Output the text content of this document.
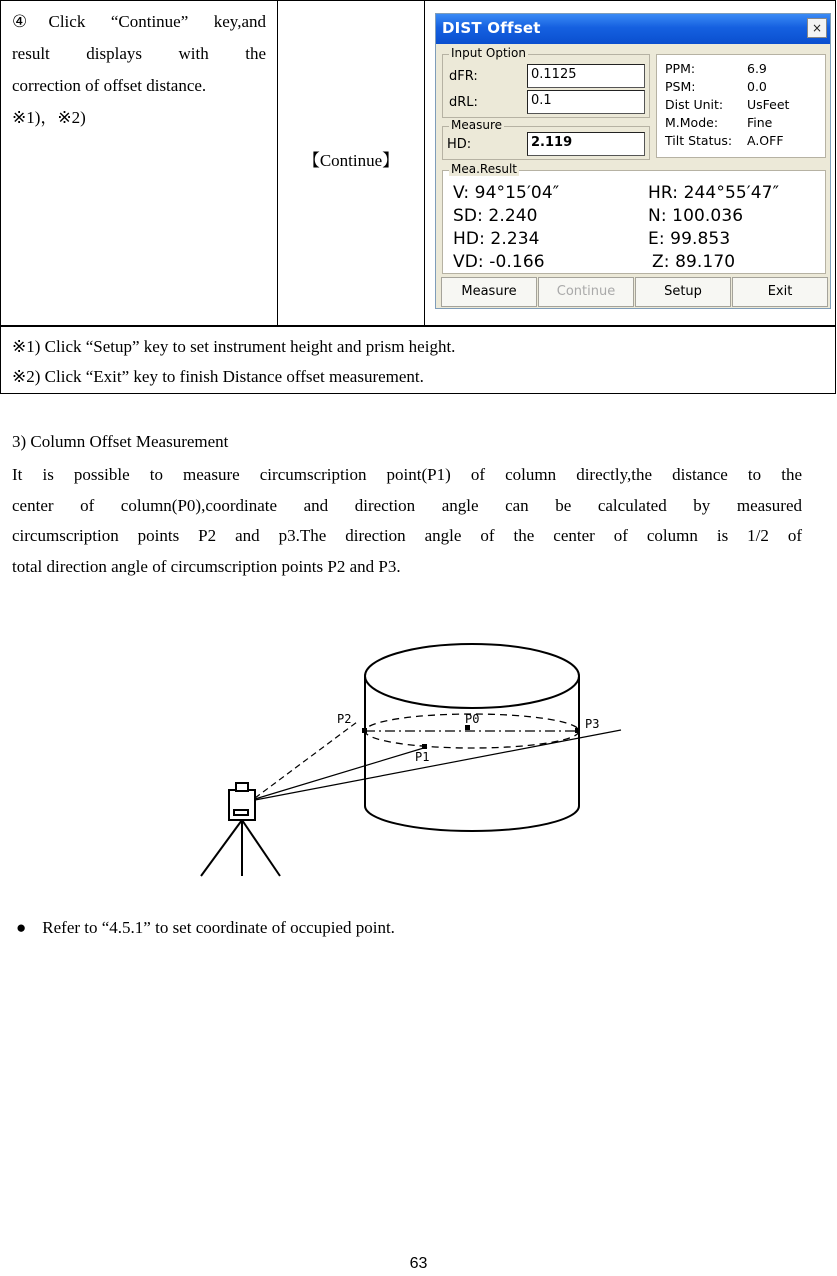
④Click “Continue” key,and
result displays with the
correction of offset distance.
※1)，※2)
【Continue】
DIST Offset	×
Input Option
dFR:	0.1125
dRL:	0.1
PPM:	6.9
PSM:	0.0
Dist Unit: UsFeet
M.Mode: Fine
Tilt Status: A.OFF
Measure
HD:	2.119
Mea.Result
V: 94°15′04″	HR: 244°55′47″
SD: 2.240	N: 100.036
HD: 2.234	E: 99.853
VD: -0.166	Z: 89.170
Measure	Continue	Setup	Exit
※1) Click “Setup” key to set instrument height and prism height.
※2) Click “Exit” key to finish Distance offset measurement.
3) Column Offset Measurement
It is possible to measure circumscription point(P1) of column directly,the distance to the
center of column(P0),coordinate and direction angle can be calculated by measured
circumscription points P2 and p3.The direction angle of the center of column is 1/2 of
total direction angle of circumscription points P2 and P3.
P0
P1
P2	P3
● Refer to “4.5.1” to set coordinate of occupied point.
63
